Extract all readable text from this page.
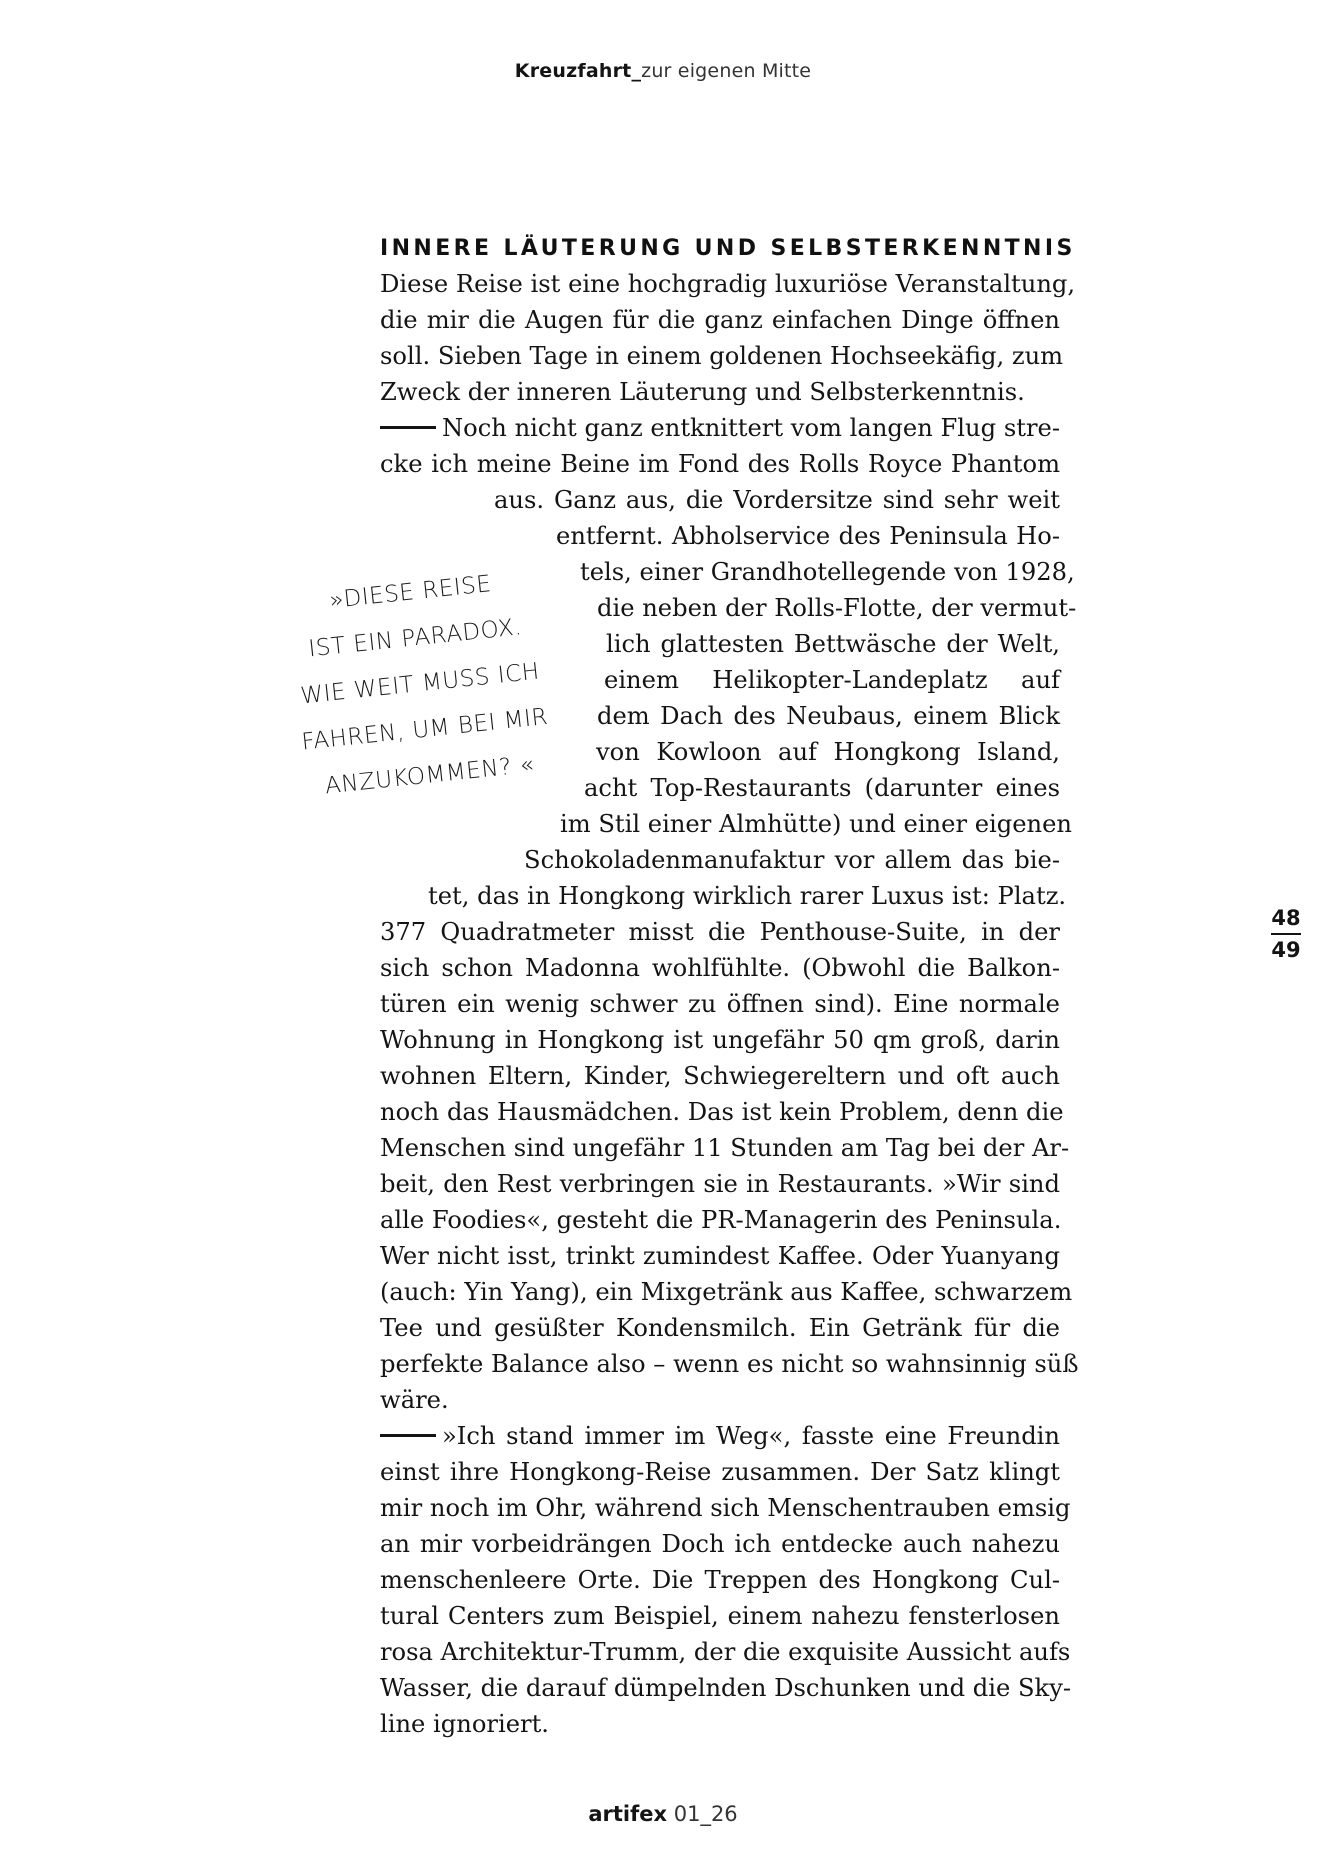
Kreuzfahrt_zur eigenen Mitte
INNERE LÄUTERUNG UND SELBSTERKENNTNIS
Diese Reise ist eine hochgradig luxuriöse Veranstaltung,
die mir die Augen für die ganz einfachen Dinge öffnen
soll. Sieben Tage in einem goldenen Hochseekäfig, zum
Zweck der inneren Läuterung und Selbsterkenntnis.
Noch nicht ganz entknittert vom langen Flug stre-
cke ich meine Beine im Fond des Rolls Royce Phantom
aus. Ganz aus, die Vordersitze sind sehr weit
entfernt. Abholservice des Peninsula Ho-
tels, einer Grandhotellegende von 1928,
die neben der Rolls-Flotte, der vermut-
lich glattesten Bettwäsche der Welt,
einem Helikopter-Landeplatz auf
dem Dach des Neubaus, einem Blick
von Kowloon auf Hongkong Island,
acht Top-Restaurants (darunter eines
im Stil einer Almhütte) und einer eigenen
Schokoladenmanufaktur vor allem das bie-
tet, das in Hongkong wirklich rarer Luxus ist: Platz.
377 Quadratmeter misst die Penthouse-Suite, in der
sich schon Madonna wohlfühlte. (Obwohl die Balkon-
türen ein wenig schwer zu öffnen sind). Eine normale
Wohnung in Hongkong ist ungefähr 50 qm groß, darin
wohnen Eltern, Kinder, Schwiegereltern und oft auch
noch das Hausmädchen. Das ist kein Problem, denn die
Menschen sind ungefähr 11 Stunden am Tag bei der Ar-
beit, den Rest verbringen sie in Restaurants. »Wir sind
alle Foodies«, gesteht die PR-Managerin des Peninsula.
Wer nicht isst, trinkt zumindest Kaffee. Oder Yuanyang
(auch: Yin Yang), ein Mixgetränk aus Kaffee, schwarzem
Tee und gesüßter Kondensmilch. Ein Getränk für die
perfekte Balance also – wenn es nicht so wahnsinnig süß
wäre.
»Ich stand immer im Weg«, fasste eine Freundin
einst ihre Hongkong-Reise zusammen. Der Satz klingt
mir noch im Ohr, während sich Menschentrauben emsig
an mir vorbeidrängen Doch ich entdecke auch nahezu
menschenleere Orte. Die Treppen des Hongkong Cul-
tural Centers zum Beispiel, einem nahezu fensterlosen
rosa Architektur-Trumm, der die exquisite Aussicht aufs
Wasser, die darauf dümpelnden Dschunken und die Sky-
line ignoriert.
»DIESE REISE
IST EIN PARADOX.
WIE WEIT MUSS ICH
FAHREN, UM BEI MIR
ANZUKOMMEN? «
48
49
artifex 01_26
